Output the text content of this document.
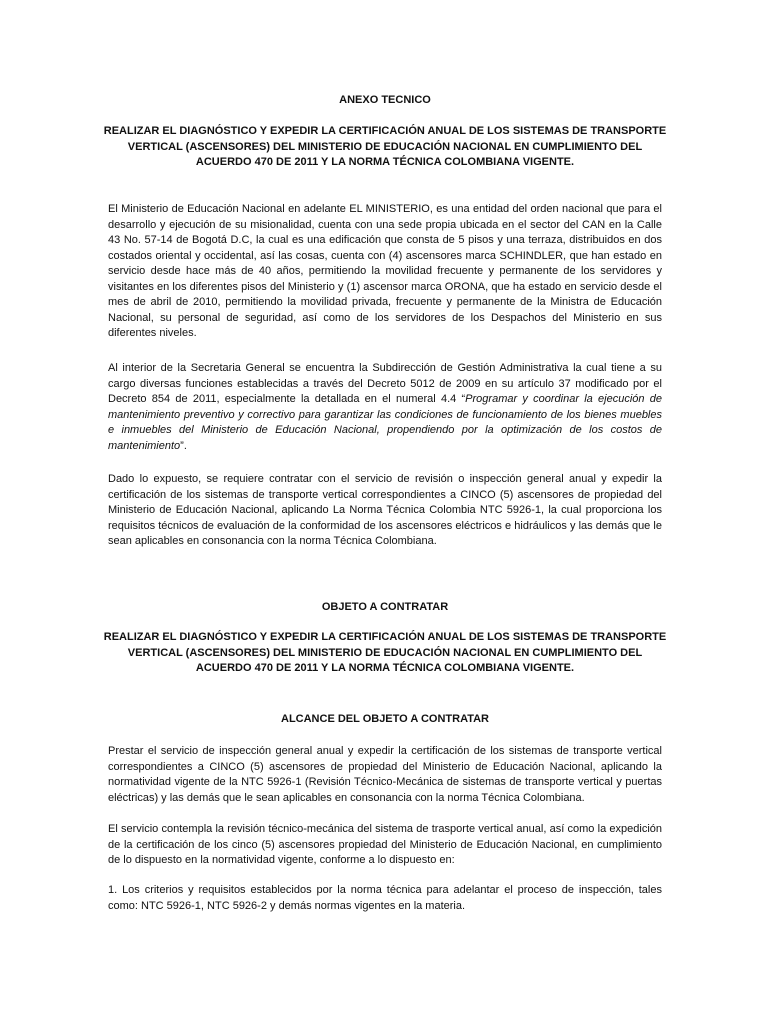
ANEXO TECNICO

REALIZAR EL DIAGNÓSTICO Y EXPEDIR LA CERTIFICACIÓN ANUAL DE LOS SISTEMAS DE TRANSPORTE VERTICAL (ASCENSORES) DEL MINISTERIO DE EDUCACIÓN NACIONAL EN CUMPLIMIENTO DEL ACUERDO 470 DE 2011 Y LA NORMA TÉCNICA COLOMBIANA VIGENTE.

El Ministerio de Educación Nacional en adelante EL MINISTERIO, es una entidad del orden nacional que para el desarrollo y ejecución de su misionalidad, cuenta con una sede propia ubicada en el sector del CAN en la Calle 43 No. 57-14 de Bogotá D.C, la cual es una edificación que consta de 5 pisos y una terraza, distribuidos en dos costados oriental y occidental, así las cosas, cuenta con (4) ascensores marca SCHINDLER, que han estado en servicio desde hace más de 40 años, permitiendo la movilidad frecuente y permanente de los servidores y visitantes en los diferentes pisos del Ministerio y (1) ascensor marca ORONA, que ha estado en servicio desde el mes de abril de 2010, permitiendo la movilidad privada, frecuente y permanente de la Ministra de Educación Nacional, su personal de seguridad, así como de los servidores de los Despachos del Ministerio en sus diferentes niveles.

Al interior de la Secretaria General se encuentra la Subdirección de Gestión Administrativa la cual tiene a su cargo diversas funciones establecidas a través del Decreto 5012 de 2009 en su artículo 37 modificado por el Decreto 854 de 2011, especialmente la detallada en el numeral 4.4 “Programar y coordinar la ejecución de mantenimiento preventivo y correctivo para garantizar las condiciones de funcionamiento de los bienes muebles e inmuebles del Ministerio de Educación Nacional, propendiendo por la optimización de los costos de mantenimiento”.

Dado lo expuesto, se requiere contratar con el servicio de revisión o inspección general anual y expedir la certificación de los sistemas de transporte vertical correspondientes a CINCO (5) ascensores de propiedad del Ministerio de Educación Nacional, aplicando La Norma Técnica Colombia NTC 5926-1, la cual proporciona los requisitos técnicos de evaluación de la conformidad de los ascensores eléctricos e hidráulicos y las demás que le sean aplicables en consonancia con la norma Técnica Colombiana.

OBJETO A CONTRATAR

REALIZAR EL DIAGNÓSTICO Y EXPEDIR LA CERTIFICACIÓN ANUAL DE LOS SISTEMAS DE TRANSPORTE VERTICAL (ASCENSORES) DEL MINISTERIO DE EDUCACIÓN NACIONAL EN CUMPLIMIENTO DEL ACUERDO 470 DE 2011 Y LA NORMA TÉCNICA COLOMBIANA VIGENTE.

ALCANCE DEL OBJETO A CONTRATAR

Prestar el servicio de inspección general anual y expedir la certificación de los sistemas de transporte vertical correspondientes a CINCO (5) ascensores de propiedad del Ministerio de Educación Nacional, aplicando la normatividad vigente de la NTC 5926-1 (Revisión Técnico-Mecánica de sistemas de transporte vertical y puertas eléctricas) y las demás que le sean aplicables en consonancia con la norma Técnica Colombiana.

El servicio contempla la revisión técnico-mecánica del sistema de trasporte vertical anual, así como la expedición de la certificación de los cinco (5) ascensores propiedad del Ministerio de Educación Nacional, en cumplimiento de lo dispuesto en la normatividad vigente, conforme a lo dispuesto en:

1. Los criterios y requisitos establecidos por la norma técnica para adelantar el proceso de inspección, tales como: NTC 5926-1, NTC 5926-2 y demás normas vigentes en la materia.
